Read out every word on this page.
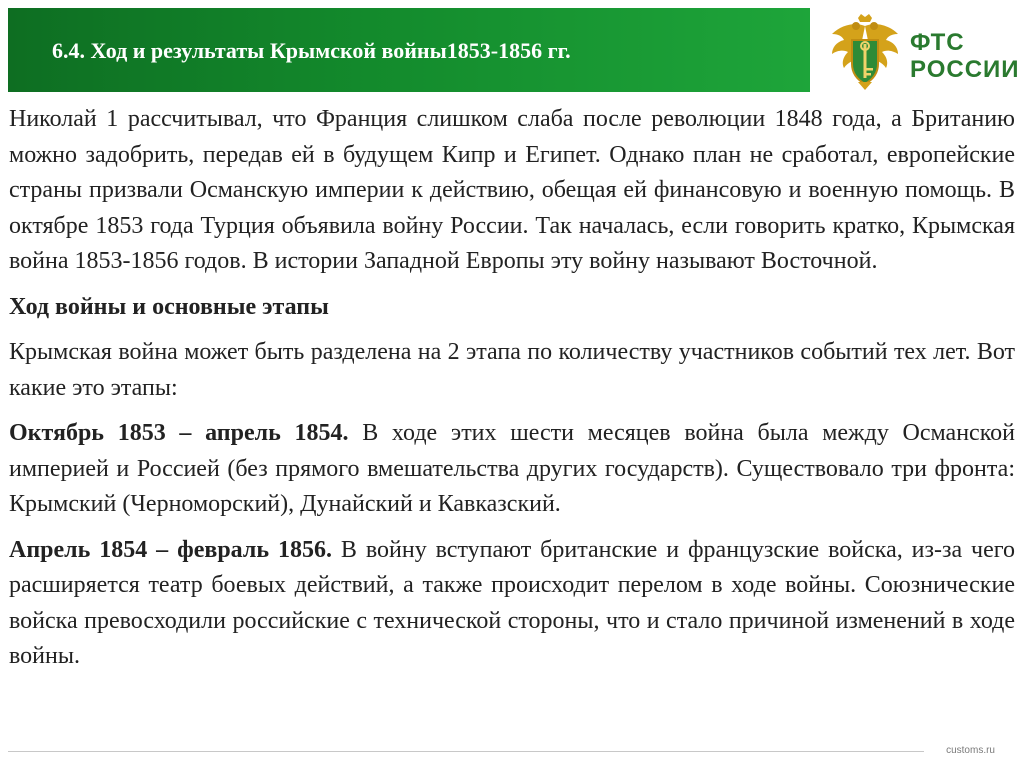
6.4. Ход и результаты Крымской войны1853-1856 гг.	ФТС
РОССИИ

Николай 1 рассчитывал, что Франция слишком слаба после революции 1848 года, а Британию можно задобрить, передав ей в будущем Кипр и Египет. Однако план не сработал, европейские страны призвали Османскую империи к действию, обещая ей финансовую и военную помощь. В октябре 1853 года Турция объявила войну России. Так началась, если говорить кратко, Крымская война 1853-1856 годов. В истории Западной Европы эту войну называют Восточной.

Ход войны и основные этапы

Крымская война может быть разделена на 2 этапа по количеству участников событий тех лет. Вот какие это этапы:

Октябрь 1853 – апрель 1854. В ходе этих шести месяцев война была между Османской империей и Россией (без прямого вмешательства других государств). Существовало три фронта: Крымский (Черноморский), Дунайский и Кавказский.

Апрель 1854 – февраль 1856. В войну вступают британские и французские войска, из-за чего расширяется театр боевых действий, а также происходит перелом в ходе войны. Союзнические войска превосходили российские с технической стороны, что и стало причиной изменений в ходе войны.

customs.ru
